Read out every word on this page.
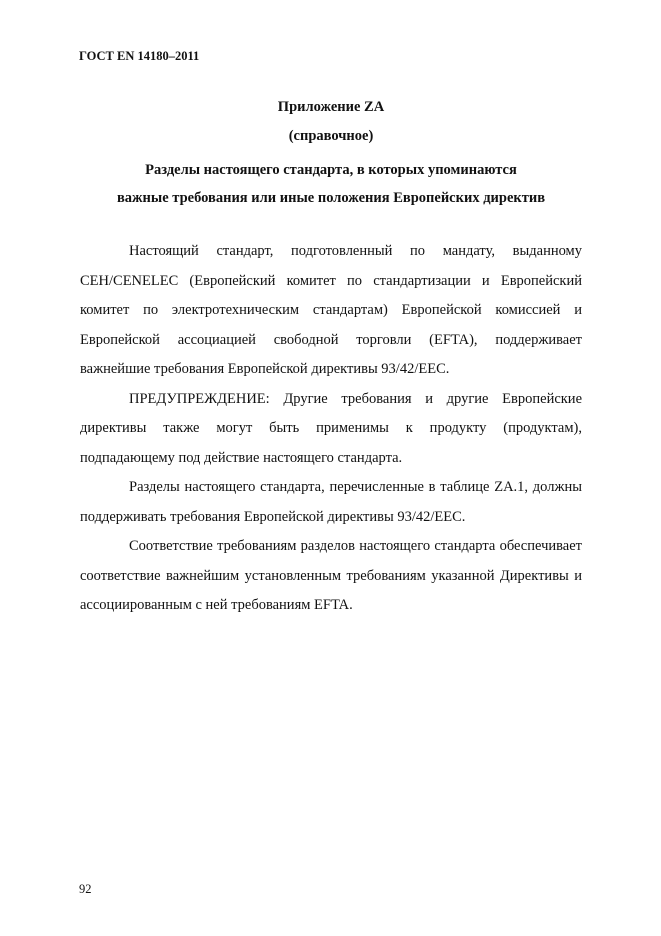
ГОСТ EN 14180–2011
Приложение ZA
(справочное)
Разделы настоящего стандарта, в которых упоминаются
важные требования или иные положения Европейских директив

Настоящий стандарт, подготовленный по мандату, выданному CEH/CENELEC (Европейский комитет по стандартизации и Европейский комитет по электротехническим стандартам) Европейской комиссией и Европейской ассоциацией свободной торговли (EFTA), поддерживает важнейшие требования Европейской директивы 93/42/EEC.

ПРЕДУПРЕЖДЕНИЕ: Другие требования и другие Европейские директивы также могут быть применимы к продукту (продуктам), подпадающему под действие настоящего стандарта.

Разделы настоящего стандарта, перечисленные в таблице ZA.1, должны поддерживать требования Европейской директивы 93/42/EEC.

Соответствие требованиям разделов настоящего стандарта обеспечивает соответствие важнейшим установленным требованиям указанной Директивы и ассоциированным с ней требованиям EFTA.

92
